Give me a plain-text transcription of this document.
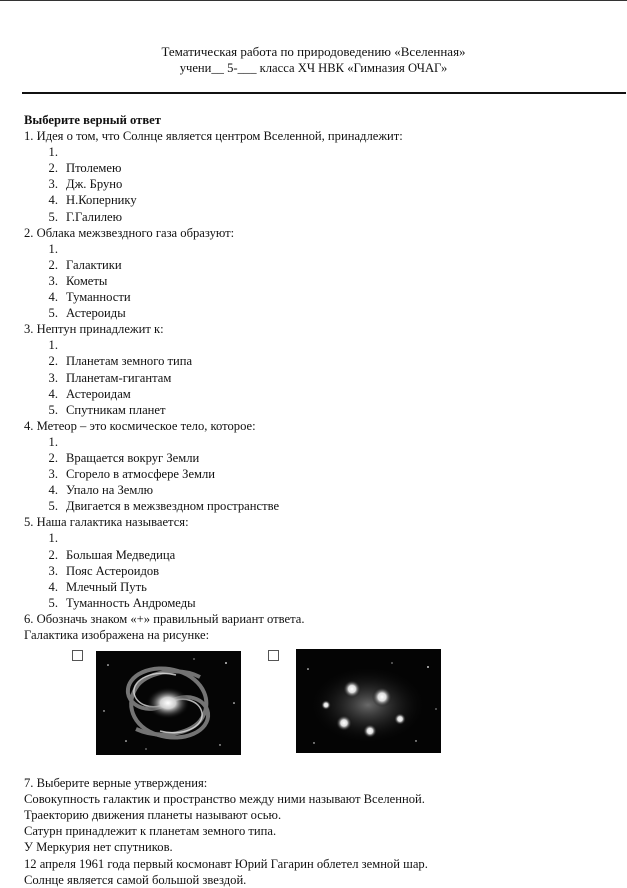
Тематическая работа по природоведению «Вселенная»
учени__ 5-___ класса ХЧ НВК «Гимназия ОЧАГ»
Выберите верный ответ
1. Идея о том, что Солнце является центром Вселенной, принадлежит:
1.
2. Птолемею
3. Дж. Бруно
4. Н.Копернику
5. Г.Галилею
2. Облака межзвездного газа образуют:
1.
2. Галактики
3. Кометы
4. Туманности
5. Астероиды
3. Нептун принадлежит к:
1.
2. Планетам земного типа
3. Планетам-гигантам
4. Астероидам
5. Спутникам планет
4. Метеор – это космическое тело, которое:
1.
2. Вращается вокруг Земли
3. Сгорело в атмосфере Земли
4. Упало на Землю
5. Двигается в межзвездном пространстве
5. Наша галактика называется:
1.
2. Большая Медведица
3. Пояс Астероидов
4. Млечный Путь
5. Туманность Андромеды
6. Обозначь знаком «+» правильный вариант ответа.
Галактика изображена на рисунке:
7. Выберите верные утверждения:
Совокупность галактик и пространство между ними называют Вселенной.
Траекторию движения планеты называют осью.
Сатурн принадлежит к планетам земного типа.
У Меркурия нет спутников.
12 апреля 1961 года первый космонавт Юрий Гагарин облетел земной шар.
Солнце является самой большой звездой.
